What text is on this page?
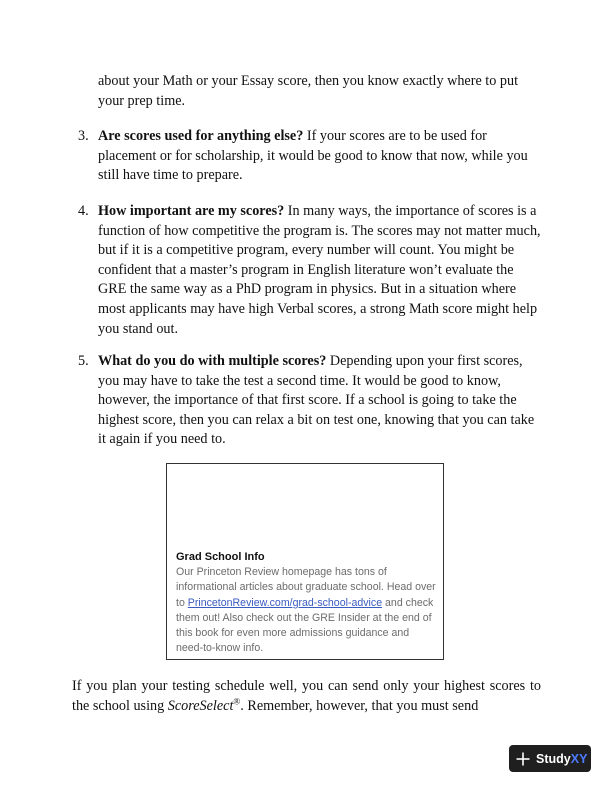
about your Math or your Essay score, then you know exactly where to put your prep time.
3. Are scores used for anything else? If your scores are to be used for placement or for scholarship, it would be good to know that now, while you still have time to prepare.
4. How important are my scores? In many ways, the importance of scores is a function of how competitive the program is. The scores may not matter much, but if it is a competitive program, every number will count. You might be confident that a master’s program in English literature won’t evaluate the GRE the same way as a PhD program in physics. But in a situation where most applicants may have high Verbal scores, a strong Math score might help you stand out.
5. What do you do with multiple scores? Depending upon your first scores, you may have to take the test a second time. It would be good to know, however, the importance of that first score. If a school is going to take the highest score, then you can relax a bit on test one, knowing that you can take it again if you need to.
Grad School Info
Our Princeton Review homepage has tons of informational articles about graduate school. Head over to PrincetonReview.com/grad-school-advice and check them out! Also check out the GRE Insider at the end of this book for even more admissions guidance and need-to-know info.
If you plan your testing schedule well, you can send only your highest scores to the school using ScoreSelect®. Remember, however, that you must send
Study XY
